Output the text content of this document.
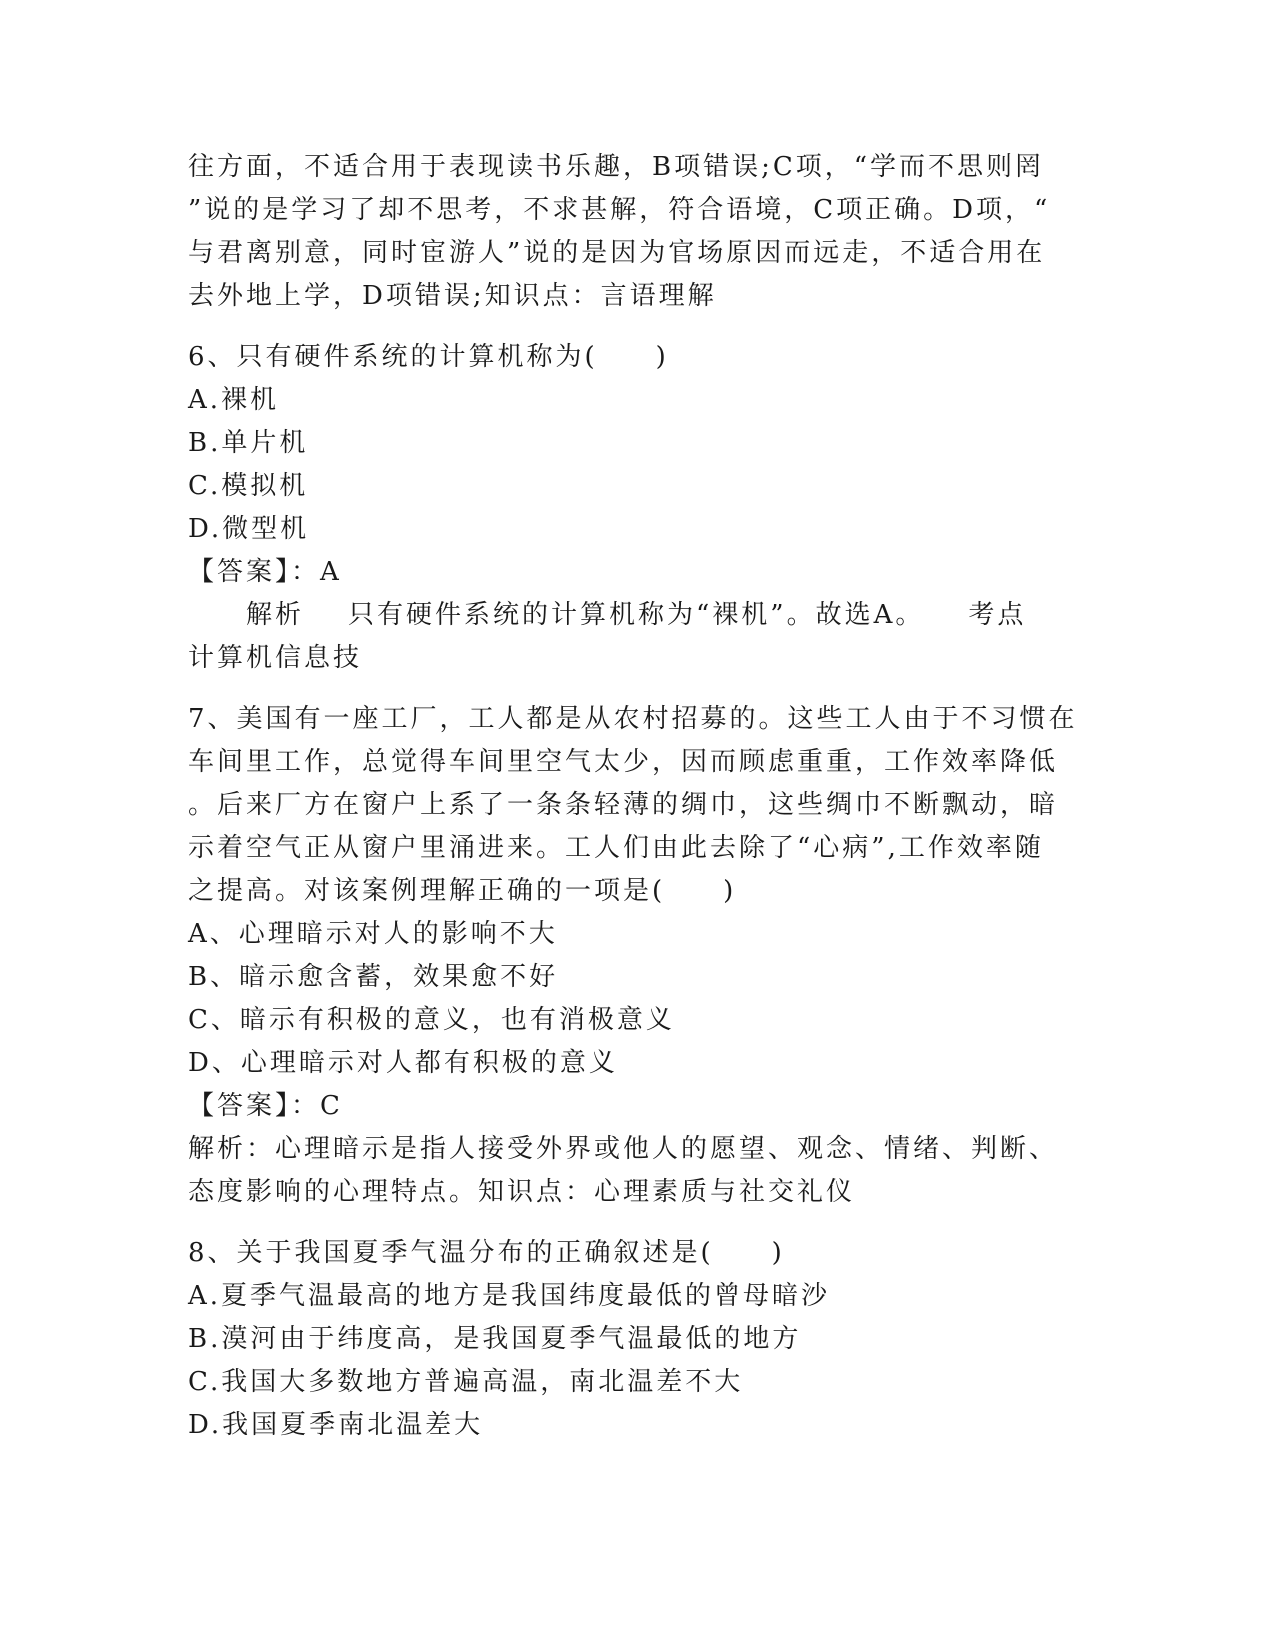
往方面，不适合用于表现读书乐趣，B项错误;C项，“学而不思则罔
”说的是学习了却不思考，不求甚解，符合语境，C项正确。D项，“
与君离别意，同时宦游人”说的是因为官场原因而远走，不适合用在
去外地上学，D项错误;知识点：言语理解
6、只有硬件系统的计算机称为(　　)
A.裸机
B.单片机
C.模拟机
D.微型机
【答案】：A
解析 只有硬件系统的计算机称为“裸机”。故选A。 考点
计算机信息技
7、美国有一座工厂，工人都是从农村招募的。这些工人由于不习惯在
车间里工作，总觉得车间里空气太少，因而顾虑重重，工作效率降低
。后来厂方在窗户上系了一条条轻薄的绸巾，这些绸巾不断飘动，暗
示着空气正从窗户里涌进来。工人们由此去除了“心病”,工作效率随
之提高。对该案例理解正确的一项是(　　)
A、心理暗示对人的影响不大
B、暗示愈含蓄，效果愈不好
C、暗示有积极的意义，也有消极意义
D、心理暗示对人都有积极的意义
【答案】：C
解析：心理暗示是指人接受外界或他人的愿望、观念、情绪、判断、
态度影响的心理特点。知识点：心理素质与社交礼仪
8、关于我国夏季气温分布的正确叙述是(　　)
A.夏季气温最高的地方是我国纬度最低的曾母暗沙
B.漠河由于纬度高，是我国夏季气温最低的地方
C.我国大多数地方普遍高温，南北温差不大
D.我国夏季南北温差大
